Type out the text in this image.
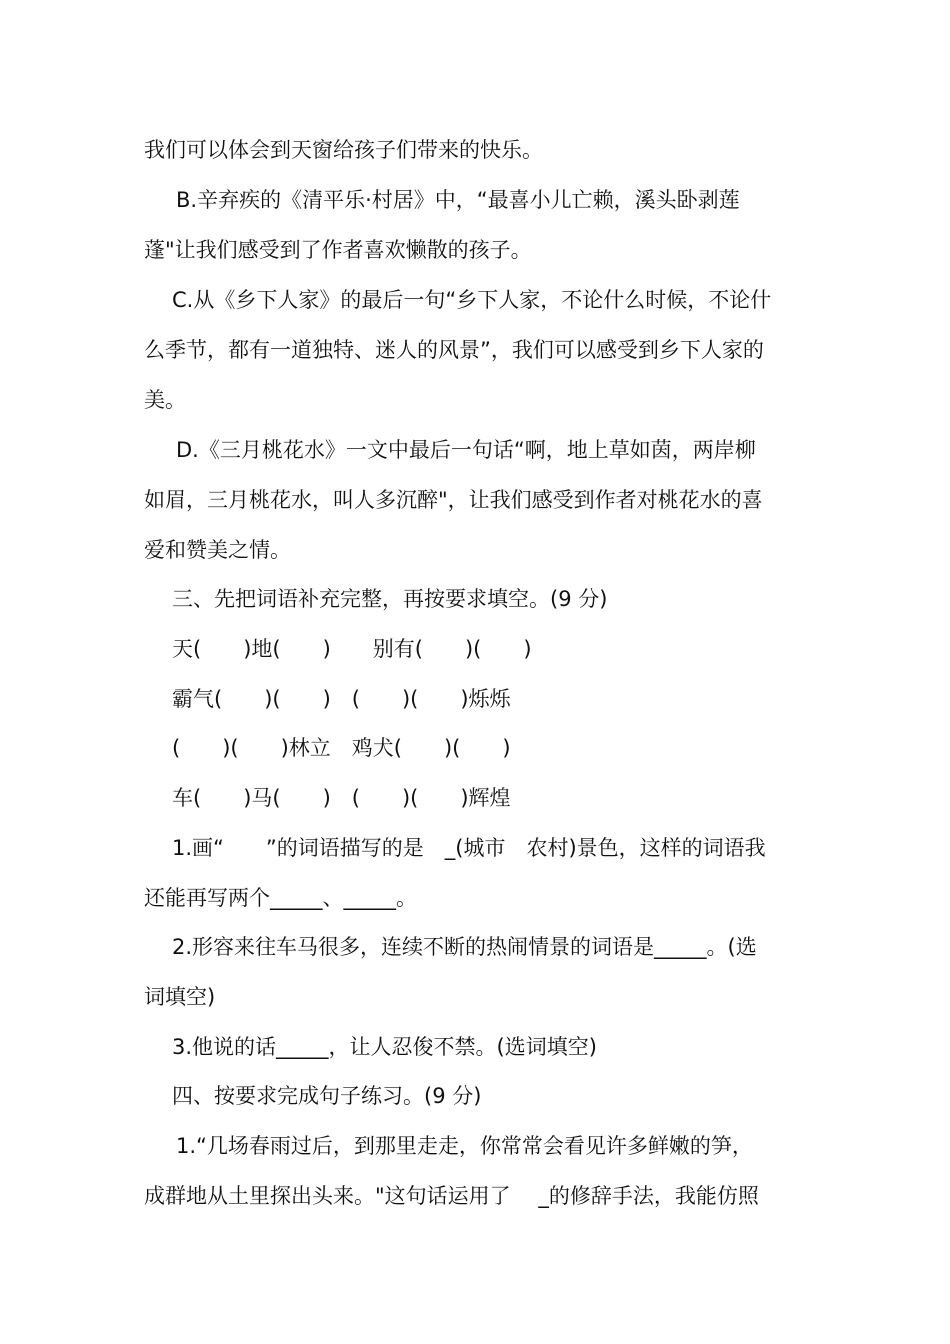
我们可以体会到天窗给孩子们带来的快乐。
B.辛弃疾的《清平乐·村居》中，“最喜小儿亡赖，溪头卧剥莲
蓬"让我们感受到了作者喜欢懒散的孩子。
C.从《乡下人家》的最后一句“乡下人家，不论什么时候，不论什
么季节，都有一道独特、迷人的风景”，我们可以感受到乡下人家的
美。
D.《三月桃花水》一文中最后一句话“啊，地上草如茵，两岸柳
如眉，三月桃花水，叫人多沉醉"，让我们感受到作者对桃花水的喜
爱和赞美之情。
三、先把词语补充完整，再按要求填空。(9 分)
天(　　)地(　　)　　别有(　　)(　　)
霸气(　　)(　　)　(　　)(　　)烁烁
(　　)(　　)林立　鸡犬(　　)(　　)
车(　　)马(　　)　(　　)(　　)辉煌
1.画“　　”的词语描写的是　_(城市　农村)景色，这样的词语我
还能再写两个_____、_____。
2.形容来往车马很多，连续不断的热闹情景的词语是_____。(选
词填空)
3.他说的话_____，让人忍俊不禁。(选词填空)
四、按要求完成句子练习。(9 分)
1.“几场春雨过后，到那里走走，你常常会看见许多鲜嫩的笋，
成群地从土里探出头来。"这句话运用了　 _的修辞手法，我能仿照
